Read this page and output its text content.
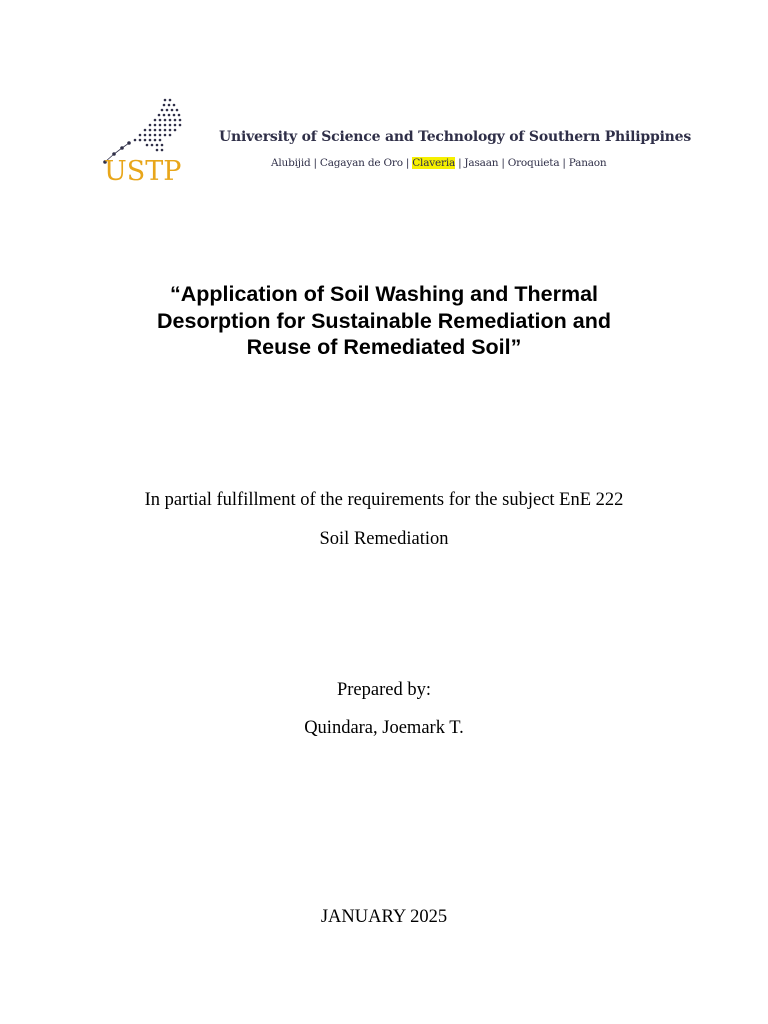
USTP
University of Science and Technology of Southern Philippines
Alubijid | Cagayan de Oro | Claveria | Jasaan | Oroquieta | Panaon
“Application of Soil Washing and Thermal
Desorption for Sustainable Remediation and
Reuse of Remediated Soil”
In partial fulfillment of the requirements for the subject EnE 222
Soil Remediation
Prepared by:
Quindara, Joemark T.
JANUARY 2025
